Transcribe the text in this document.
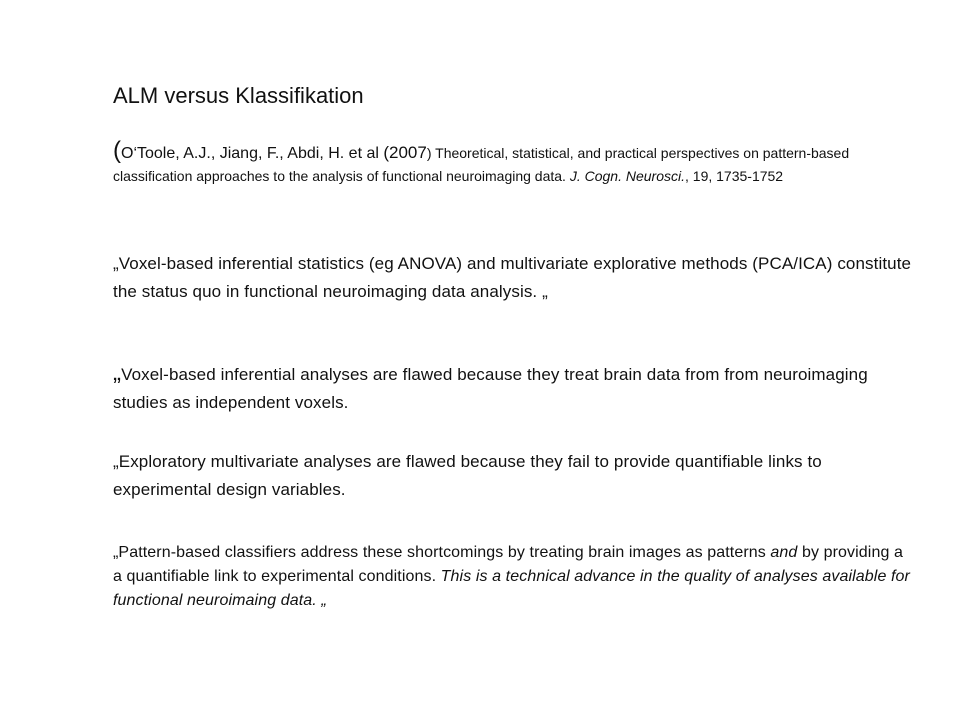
ALM versus Klassifikation
(O‘Toole, A.J., Jiang, F., Abdi, H. et al (2007) Theoretical, statistical, and practical perspectives on pattern-based classification approaches to the analysis of functional neuroimaging data. J. Cogn. Neurosci., 19, 1735-1752
„Voxel-based inferential statistics (eg ANOVA) and multivariate explorative methods (PCA/ICA) constitute the status quo in functional neuroimaging data analysis. „
„Voxel-based inferential analyses are flawed because they treat brain data from from neuroimaging studies as independent voxels.
„Exploratory multivariate analyses are flawed because they fail to provide quantifiable links to experimental design variables.
„Pattern-based classifiers address these shortcomings by treating brain images as patterns and by providing a a quantifiable link to experimental conditions. This is a technical advance in the quality of analyses available for functional neuroimaing data. „
